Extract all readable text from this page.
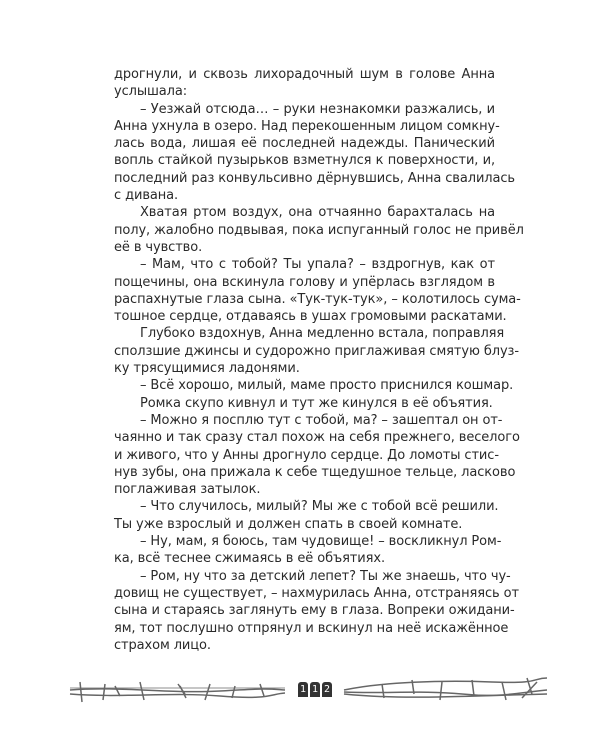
дрогнули, и сквозь лихорадочный шум в голове Анна
услышала:
– Уезжай отсюда… – руки незнакомки разжались, и
Анна ухнула в озеро. Над перекошенным лицом сомкну-
лась вода, лишая её последней надежды. Панический
вопль стайкой пузырьков взметнулся к поверхности, и,
последний раз конвульсивно дёрнувшись, Анна свалилась
с дивана.
Хватая ртом воздух, она отчаянно барахталась на
полу, жалобно подвывая, пока испуганный голос не привёл
её в чувство.
– Мам, что с тобой? Ты упала? – вздрогнув, как от
пощечины, она вскинула голову и упёрлась взглядом в
распахнутые глаза сына. «Тук-тук-тук», – колотилось сума-
тошное сердце, отдаваясь в ушах громовыми раскатами.
Глубоко вздохнув, Анна медленно встала, поправляя
сползшие джинсы и судорожно приглаживая смятую блуз-
ку трясущимися ладонями.
– Всё хорошо, милый, маме просто приснился кошмар.
Ромка скупо кивнул и тут же кинулся в её объятия.
– Можно я посплю тут с тобой, ма? – зашептал он от-
чаянно и так сразу стал похож на себя прежнего, веселого
и живого, что у Анны дрогнуло сердце. До ломоты стис-
нув зубы, она прижала к себе тщедушное тельце, ласково
поглаживая затылок.
– Что случилось, милый? Мы же с тобой всё решили.
Ты уже взрослый и должен спать в своей комнате.
– Ну, мам, я боюсь, там чудовище! – воскликнул Ром-
ка, всё теснее сжимаясь в её объятиях.
– Ром, ну что за детский лепет? Ты же знаешь, что чу-
довищ не существует, – нахмурилась Анна, отстраняясь от
сына и стараясь заглянуть ему в глаза. Вопреки ожидани-
ям, тот послушно отпрянул и вскинул на неё искажённое
страхом лицо.
1 1 2
